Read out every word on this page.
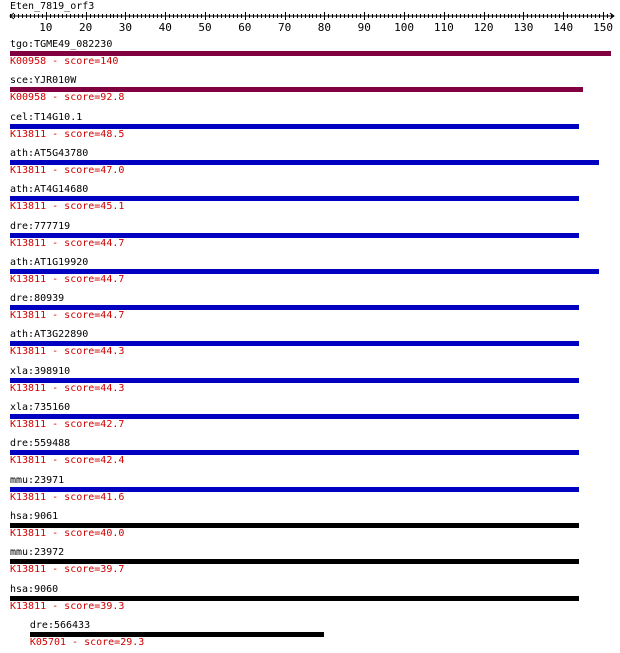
Eten_7819_orf3
10 20 30 40 50 60 70 80 90 100 110 120 130 140 150
tgo:TGME49_082230
K00958 - score=140
sce:YJR010W
K00958 - score=92.8
cel:T14G10.1
K13811 - score=48.5
ath:AT5G43780
K13811 - score=47.0
ath:AT4G14680
K13811 - score=45.1
dre:777719
K13811 - score=44.7
ath:AT1G19920
K13811 - score=44.7
dre:80939
K13811 - score=44.7
ath:AT3G22890
K13811 - score=44.3
xla:398910
K13811 - score=44.3
xla:735160
K13811 - score=42.7
dre:559488
K13811 - score=42.4
mmu:23971
K13811 - score=41.6
hsa:9061
K13811 - score=40.0
mmu:23972
K13811 - score=39.7
hsa:9060
K13811 - score=39.3
dre:566433
K05701 - score=29.3
